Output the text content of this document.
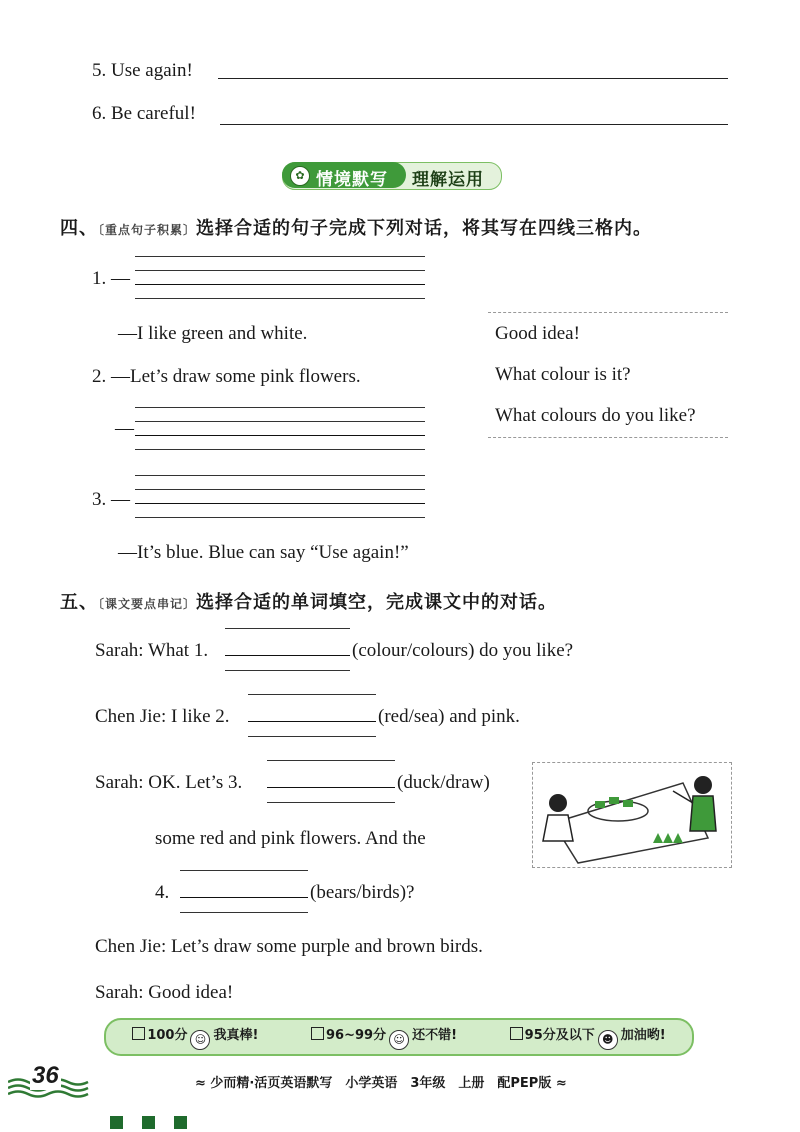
5. Use again!
6. Be careful!
✿ 情境默写 理解运用
四、〔重点句子积累〕选择合适的句子完成下列对话，将其写在四线三格内。
1. —
—I like green and white.
2. —Let’s draw some pink flowers.
—
3. —
—It’s blue. Blue can say “Use again!”
Good idea!
What colour is it?
What colours do you like?
五、〔课文要点串记〕选择合适的单词填空，完成课文中的对话。
Sarah: What 1.	(colour/colours) do you like?
Chen Jie: I like 2.	(red/sea) and pink.
Sarah: OK. Let’s 3.	(duck/draw)
some red and pink flowers. And the
4.	(bears/birds)?
Chen Jie: Let’s draw some purple and brown birds.
Sarah: Good idea!
100分 ☺ 我真棒!	96~99分 ☺ 还不错!	95分及以下 ☻ 加油哟!
36	≈ 少而精·活页英语默写　小学英语　3年级　上册　配PEP版 ≈
